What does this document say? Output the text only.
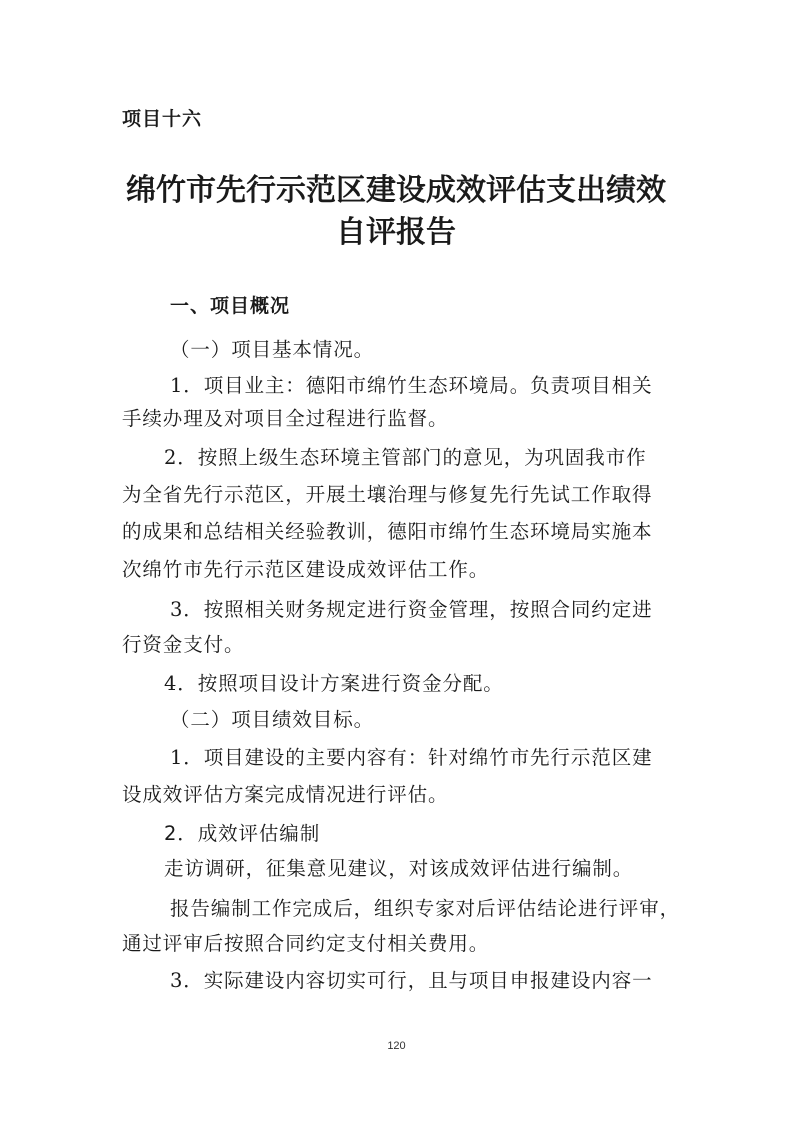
项目十六
绵竹市先行示范区建设成效评估支出绩效
自评报告
一、项目概况
（一）项目基本情况。
1．项目业主：德阳市绵竹生态环境局。负责项目相关
手续办理及对项目全过程进行监督。
2．按照上级生态环境主管部门的意见，为巩固我市作
为全省先行示范区，开展土壤治理与修复先行先试工作取得
的成果和总结相关经验教训，德阳市绵竹生态环境局实施本
次绵竹市先行示范区建设成效评估工作。
3．按照相关财务规定进行资金管理，按照合同约定进
行资金支付。
4．按照项目设计方案进行资金分配。
（二）项目绩效目标。
1．项目建设的主要内容有：针对绵竹市先行示范区建
设成效评估方案完成情况进行评估。
2．成效评估编制
走访调研，征集意见建议，对该成效评估进行编制。
报告编制工作完成后，组织专家对后评估结论进行评审，
通过评审后按照合同约定支付相关费用。
3．实际建设内容切实可行，且与项目申报建设内容一
120
